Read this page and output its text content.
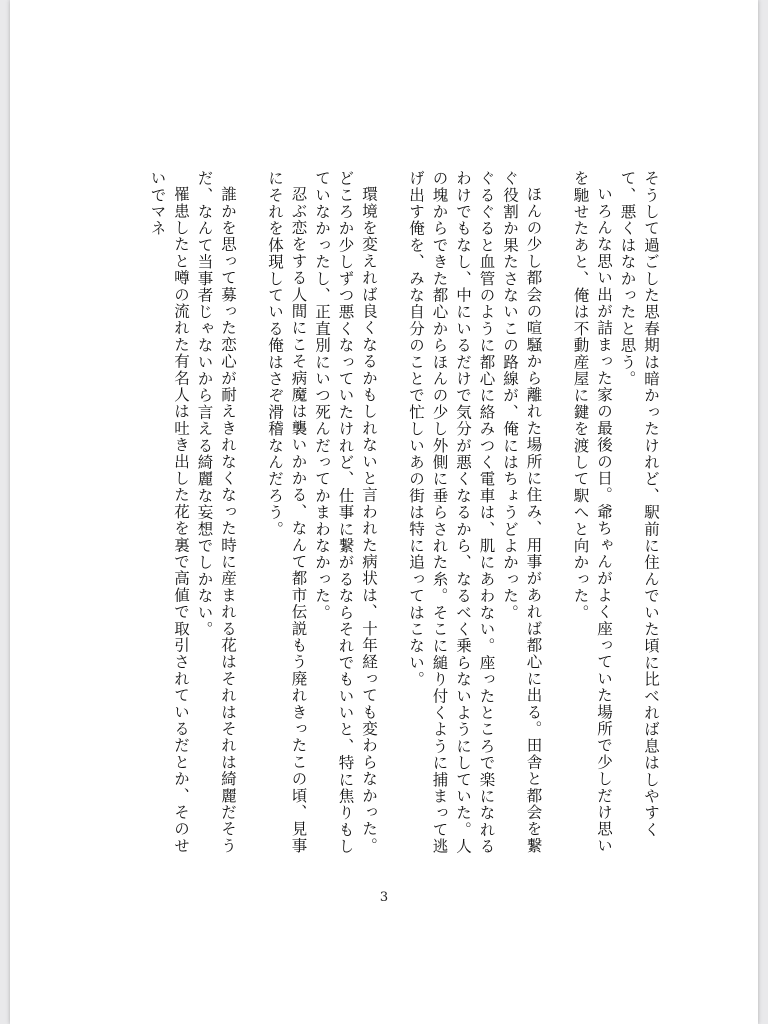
そうして過ごした思春期は暗かったけれど、駅前に住んでいた頃に比べれば息はしやすくて、悪くはなかったと思う。

いろんな思い出が詰まった家の最後の日。爺ちゃんがよく座っていた場所で少しだけ思いを馳せたあと、俺は不動産屋に鍵を渡して駅へと向かった。

ほんの少し都会の喧騒から離れた場所に住み、用事があれば都心に出る。田舎と都会を繋ぐ役割か果たさないこの路線が、俺にはちょうどよかった。

ぐるぐると血管のように都心に絡みつく電車は、肌にあわない。座ったところで楽になれるわけでもなし、中にいるだけで気分が悪くなるから、なるべく乗らないようにしていた。人の塊からできた都心からほんの少し外側に垂らされた糸。そこに縋り付くように捕まって逃げ出す俺を、みな自分のことで忙しいあの街は特に追ってはこない。

環境を変えれば良くなるかもしれないと言われた病状は、十年経っても変わらなかった。どころか少しずつ悪くなっていたけれど、仕事に繋がるならそれでもいいと、特に焦りもしていなかったし、正直別にいつ死んだってかまわなかった。

忍ぶ恋をする人間にこそ病魔は襲いかかる、なんて都市伝説もう廃れきったこの頃、見事にそれを体現している俺はさぞ滑稽なんだろう。

誰かを思って募った恋心が耐えきれなくなった時に産まれる花はそれはそれは綺麗だそうだ、なんて当事者じゃないから言える綺麗な妄想でしかない。

罹患したと噂の流れた有名人は吐き出した花を裏で高値で取引されているだとか、そのせいでマネ

3
